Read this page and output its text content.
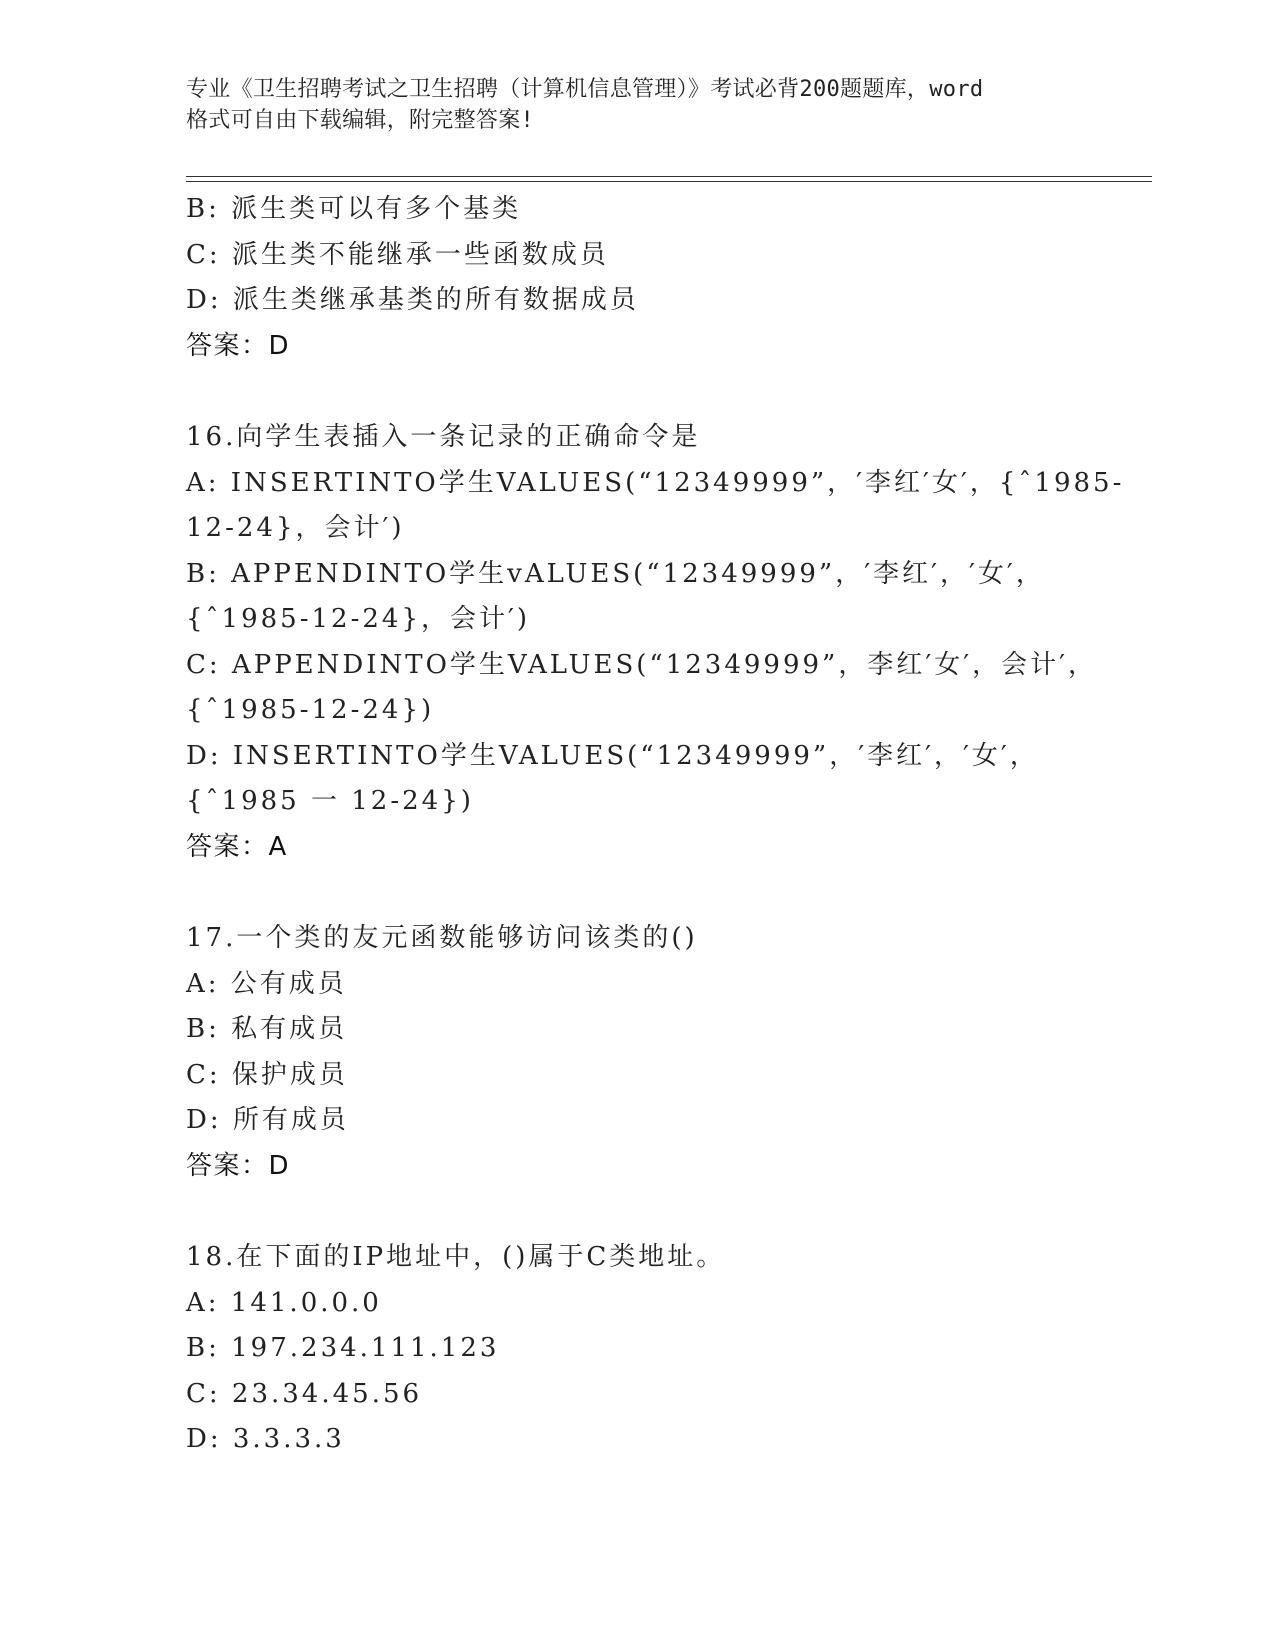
专业《卫生招聘考试之卫生招聘（计算机信息管理）》考试必背200题题库，word
格式可自由下载编辑，附完整答案!
B: 派生类可以有多个基类
C: 派生类不能继承一些函数成员
D: 派生类继承基类的所有数据成员
答案：D
16.向学生表插入一条记录的正确命令是
A: INSERTINTO学生VALUES(“12349999”，′李红′女′，{ˆ1985-
12-24}，会计′)
B: APPENDINTO学生vALUES(“12349999”，′李红′，′女′，
{ˆ1985-12-24}，会计′)
C: APPENDINTO学生VALUES(“12349999”，李红′女′，会计′，
{ˆ1985-12-24})
D: INSERTINTO学生VALUES(“12349999”，′李红′，′女′，
{ˆ1985 一 12-24})
答案：A
17.一个类的友元函数能够访问该类的()
A: 公有成员
B: 私有成员
C: 保护成员
D: 所有成员
答案：D
18.在下面的IP地址中，()属于C类地址。
A: 141.0.0.0
B: 197.234.111.123
C: 23.34.45.56
D: 3.3.3.3
